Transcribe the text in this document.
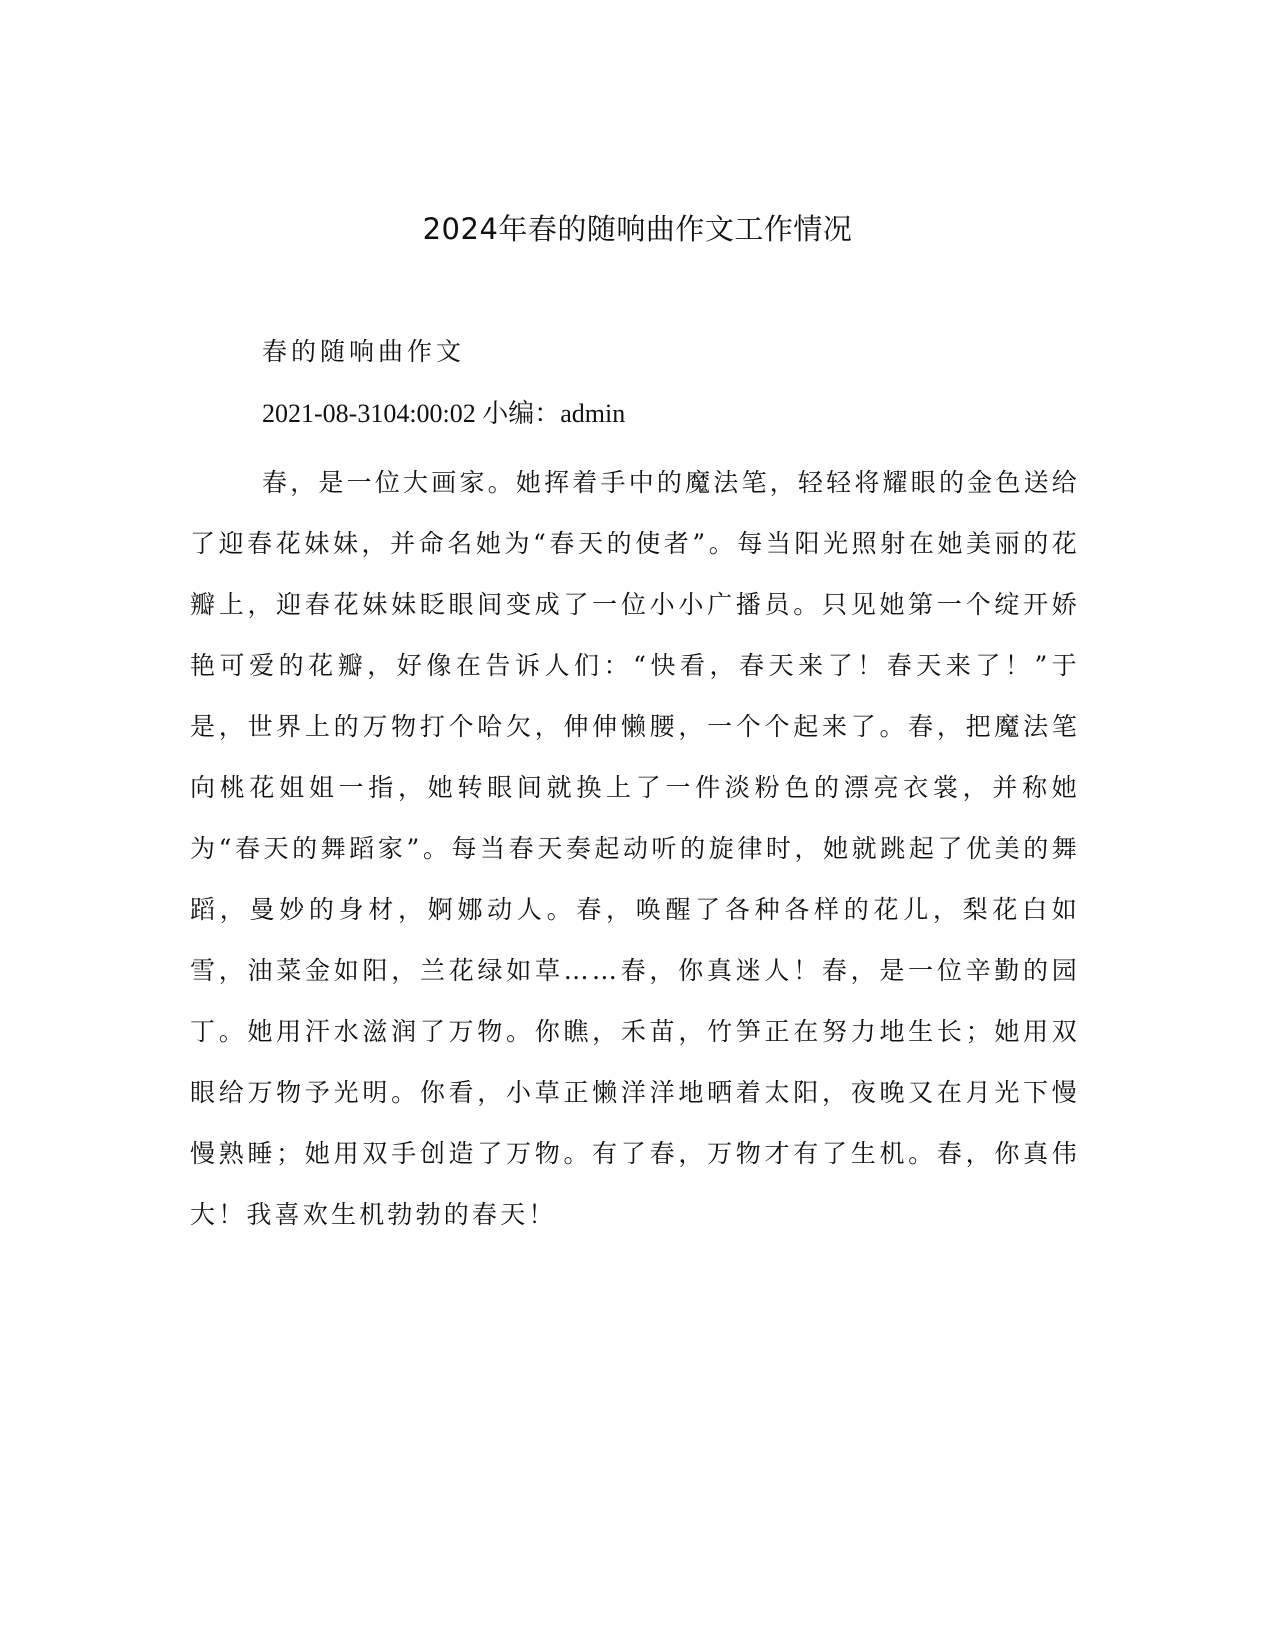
2024年春的随响曲作文工作情况
春的随响曲作文
2021-08-3104:00:02 小编：admin

春，是一位大画家。她挥着手中的魔法笔，轻轻将耀眼的金色送给了迎春花妹妹，并命名她为“春天的使者”。每当阳光照射在她美丽的花瓣上，迎春花妹妹眨眼间变成了一位小小广播员。只见她第一个绽开娇艳可爱的花瓣，好像在告诉人们：“快看，春天来了！春天来了！”于是，世界上的万物打个哈欠，伸伸懒腰，一个个起来了。春，把魔法笔向桃花姐姐一指，她转眼间就换上了一件淡粉色的漂亮衣裳，并称她为“春天的舞蹈家”。每当春天奏起动听的旋律时，她就跳起了优美的舞蹈，曼妙的身材，婀娜动人。春，唤醒了各种各样的花儿，梨花白如雪，油菜金如阳，兰花绿如草……春，你真迷人！春，是一位辛勤的园丁。她用汗水滋润了万物。你瞧，禾苗，竹笋正在努力地生长；她用双眼给万物予光明。你看，小草正懒洋洋地晒着太阳，夜晚又在月光下慢慢熟睡；她用双手创造了万物。有了春，万物才有了生机。春，你真伟大！我喜欢生机勃勃的春天！
